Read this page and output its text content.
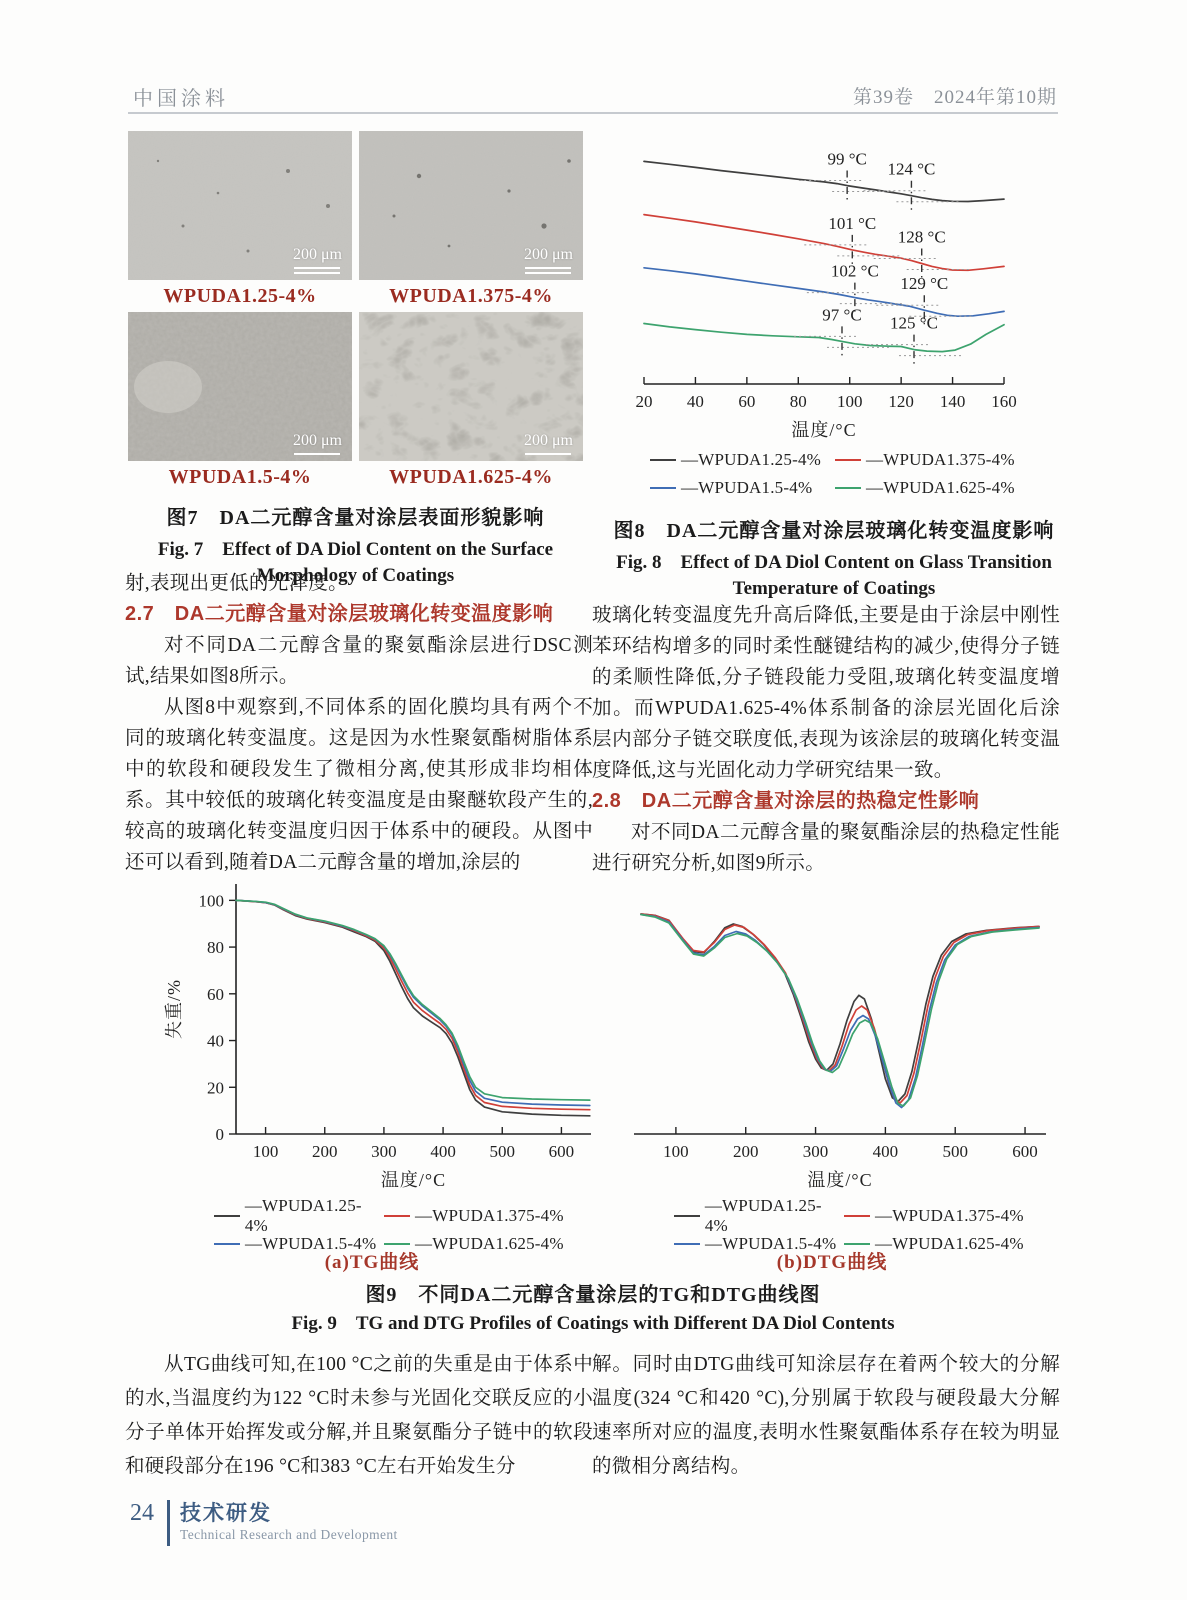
中国涂料	第39卷　2024年第10期
200 μm
WPUDA1.25-4%
200 μm
WPUDA1.375-4%
200 μm
WPUDA1.5-4%
200 μm
WPUDA1.625-4%
图7　DA二元醇含量对涂层表面形貌影响
Fig. 7　Effect of DA Diol Content on the Surface
Morphology of Coatings
20 40 60 80 100 120 140 160
温度/°C
99 °C
124 °C
101 °C
128 °C
102 °C
129 °C
97 °C 125 °C
—WPUDA1.25-4%	—WPUDA1.375-4%
—WPUDA1.5-4%	—WPUDA1.625-4%
图8　DA二元醇含量对涂层玻璃化转变温度影响
Fig. 8　Effect of DA Diol Content on Glass Transition
Temperature of Coatings

射,表现出更低的光泽度。

2.7　DA二元醇含量对涂层玻璃化转变温度影响

对不同DA二元醇含量的聚氨酯涂层进行DSC测试,结果如图8所示。

从图8中观察到,不同体系的固化膜均具有两个不同的玻璃化转变温度。这是因为水性聚氨酯树脂体系中的软段和硬段发生了微相分离,使其形成非均相体系。其中较低的玻璃化转变温度是由聚醚软段产生的,较高的玻璃化转变温度归因于体系中的硬段。从图中还可以看到,随着DA二元醇含量的增加,涂层的

玻璃化转变温度先升高后降低,主要是由于涂层中刚性苯环结构增多的同时柔性醚键结构的减少,使得分子链的柔顺性降低,分子链段能力受阻,玻璃化转变温度增加。而WPUDA1.625-4%体系制备的涂层光固化后涂层内部分子链交联度低,表现为该涂层的玻璃化转变温度降低,这与光固化动力学研究结果一致。

2.8　DA二元醇含量对涂层的热稳定性影响

对不同DA二元醇含量的聚氨酯涂层的热稳定性能进行研究分析,如图9所示。

100 200 300 400 500 600
温度/°C
0
20
40
60
80
100
失重/%
100	200	300	400	500	600
温度/°C
—WPUDA1.25-4%
—WPUDA1.375-4%
—WPUDA1.5-4% —WPUDA1.625-4%
—WPUDA1.25-4%
—WPUDA1.375-4%
—WPUDA1.5-4% —WPUDA1.625-4%
(a)TG曲线	(b)DTG曲线
图9　不同DA二元醇含量涂层的TG和DTG曲线图
Fig. 9　TG and DTG Profiles of Coatings with Different DA Diol Contents

从TG曲线可知,在100 °C之前的失重是由于体系中的水,当温度约为122 °C时未参与光固化交联反应的小分子单体开始挥发或分解,并且聚氨酯分子链中的软段和硬段部分在196 °C和383 °C左右开始发生分

解。同时由DTG曲线可知涂层存在着两个较大的分解温度(324 °C和420 °C),分别属于软段与硬段最大分解速率所对应的温度,表明水性聚氨酯体系存在较为明显的微相分离结构。

24 技术研发
Technical Research and Development
